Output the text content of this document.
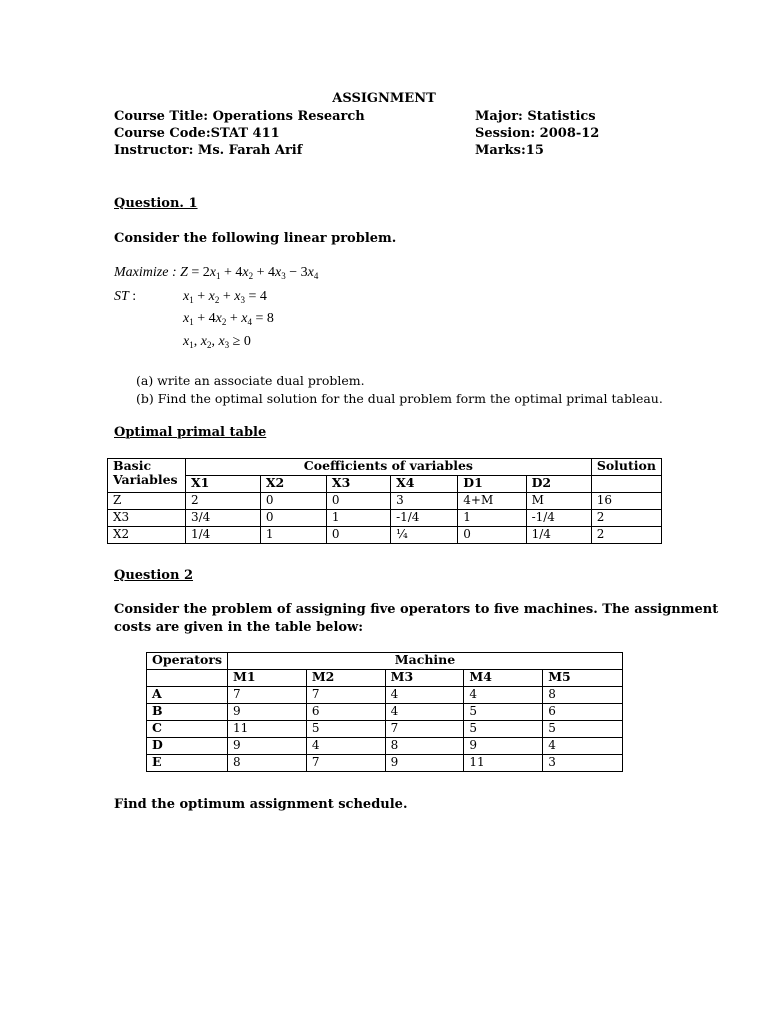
ASSIGNMENT
Course Title: Operations Research
Course Code:STAT 411
Instructor: Ms. Farah Arif
Major: Statistics
Session: 2008-12
Marks:15
Question. 1
Consider the following linear problem.
Maximize : $Z = 2x_1 + 4x_2 + 4x_3 - 3x_4$
ST :	$x_1 + x_2 + x_3 = 4$
$x_1 + 4x_2 + x_4 = 8$
$x_1$, $x_2$, $x_3 \ge 0$
(a) write an associate dual problem.
(b) Find the optimal solution for the dual problem form the optimal primal tableau.
Optimal primal table
Basic
Variables	Coefficients of variables						Solution
	X1	X2	X3	X4	D1	D2	
Z	2	0	0	3	4+M	M	16
X3	3/4	0	1	-1/4	1	-1/4	2
X2	1/4	1	0	¼	0	1/4	2
Question 2
Consider the problem of assigning five operators to five machines. The assignment
costs are given in the table below:
Operators	Machine				
	M1	M2	M3	M4	M5
A	7	7	4	4	8
B	9	6	4	5	6
C	11	5	7	5	5
D	9	4	8	9	4
E	8	7	9	11	3
Find the optimum assignment schedule.
